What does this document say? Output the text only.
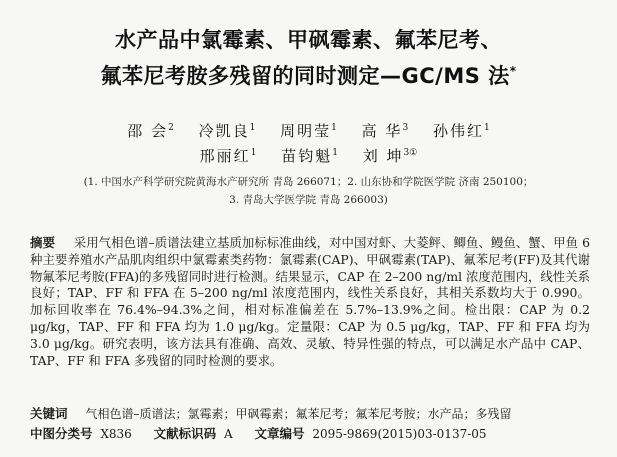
水产品中氯霉素、甲砜霉素、氟苯尼考、
氟苯尼考胺多残留的同时测定—GC/MS 法*
邵 会$^2$ 冷凯良$^1$ 周明莹$^1$ 高 华$^3$ 孙伟红$^1$
邢丽红$^1$ 苗钧魁$^1$ 刘 坤$^{3①}$
(1. 中国水产科学研究院黄海水产研究所 青岛 266071；2. 山东协和学院医学院 济南 250100；
3. 青岛大学医学院 青岛 266003)
摘要   采用气相色谱–质谱法建立基质加标标准曲线，对中国对虾、大菱鲆、鲫鱼、鳗鱼、蟹、甲鱼 6 种主要养殖水产品肌肉组织中氯霉素类药物：氯霉素(CAP)、甲砜霉素(TAP)、氟苯尼考(FF)及其代谢物氟苯尼考胺(FFA)的多残留同时进行检测。结果显示，CAP 在 2–200 ng/ml 浓度范围内，线性关系良好；TAP、FF 和 FFA 在 5–200 ng/ml 浓度范围内，线性关系良好，其相关系数均大于 0.990。加标回收率在 76.4%–94.3%之间，相对标准偏差在 5.7%–13.9%之间。检出限：CAP 为 0.2 μg/kg，TAP、FF 和 FFA 均为 1.0 μg/kg。定量限：CAP 为 0.5 μg/kg，TAP、FF 和 FFA 均为 3.0 μg/kg。研究表明，该方法具有准确、高效、灵敏、特异性强的特点，可以满足水产品中 CAP、TAP、FF 和 FFA 多残留的同时检测的要求。
关键词   气相色谱–质谱法；氯霉素；甲砜霉素；氟苯尼考；氟苯尼考胺；水产品；多残留
中图分类号 X836 文献标识码 A 文章编号 2095-9869(2015)03-0137-05
